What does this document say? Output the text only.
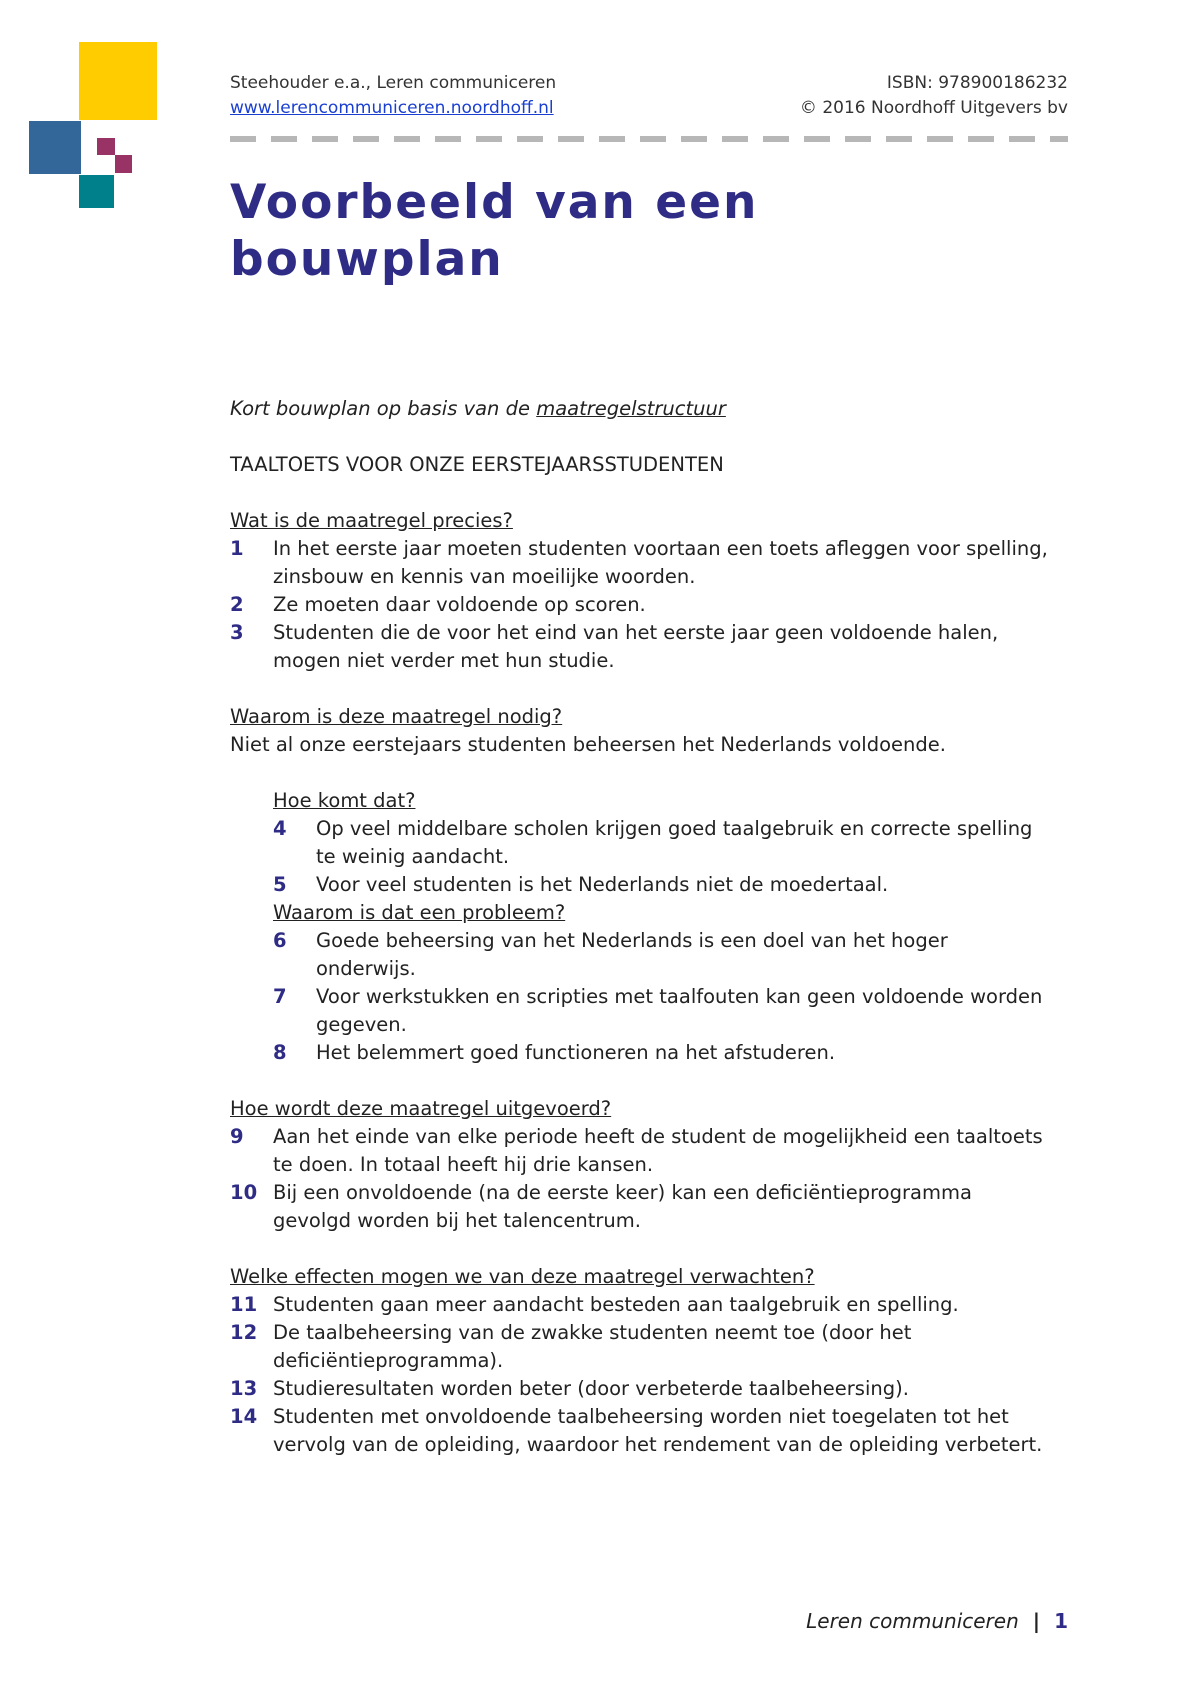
Steehouder e.a., Leren communiceren
www.lerencommuniceren.noordhoff.nl
ISBN: 978900186232
© 2016 Noordhoff Uitgevers bv
Voorbeeld van een
bouwplan

Kort bouwplan op basis van de maatregelstructuur

TAALTOETS VOOR ONZE EERSTEJAARSSTUDENTEN

Wat is de maatregel precies?

1 In het eerste jaar moeten studenten voortaan een toets afleggen voor spelling, zinsbouw en kennis van moeilijke woorden.
2 Ze moeten daar voldoende op scoren.
3 Studenten die de voor het eind van het eerste jaar geen voldoende halen, mogen niet verder met hun studie.

Waarom is deze maatregel nodig?

Niet al onze eerstejaars studenten beheersen het Nederlands voldoende.

Hoe komt dat?

4 Op veel middelbare scholen krijgen goed taalgebruik en correcte spelling te weinig aandacht.
5 Voor veel studenten is het Nederlands niet de moedertaal.

Waarom is dat een probleem?

6 Goede beheersing van het Nederlands is een doel van het hoger onderwijs.
7 Voor werkstukken en scripties met taalfouten kan geen voldoende worden gegeven.
8 Het belemmert goed functioneren na het afstuderen.

Hoe wordt deze maatregel uitgevoerd?

9 Aan het einde van elke periode heeft de student de mogelijkheid een taaltoets te doen. In totaal heeft hij drie kansen.
10 Bij een onvoldoende (na de eerste keer) kan een deficiëntieprogramma gevolgd worden bij het talencentrum.

Welke effecten mogen we van deze maatregel verwachten?

11 Studenten gaan meer aandacht besteden aan taalgebruik en spelling.
12 De taalbeheersing van de zwakke studenten neemt toe (door het deficiëntieprogramma).
13 Studieresultaten worden beter (door verbeterde taalbeheersing).
14 Studenten met onvoldoende taalbeheersing worden niet toegelaten tot het vervolg van de opleiding, waardoor het rendement van de opleiding verbetert.
Leren communiceren | 1
